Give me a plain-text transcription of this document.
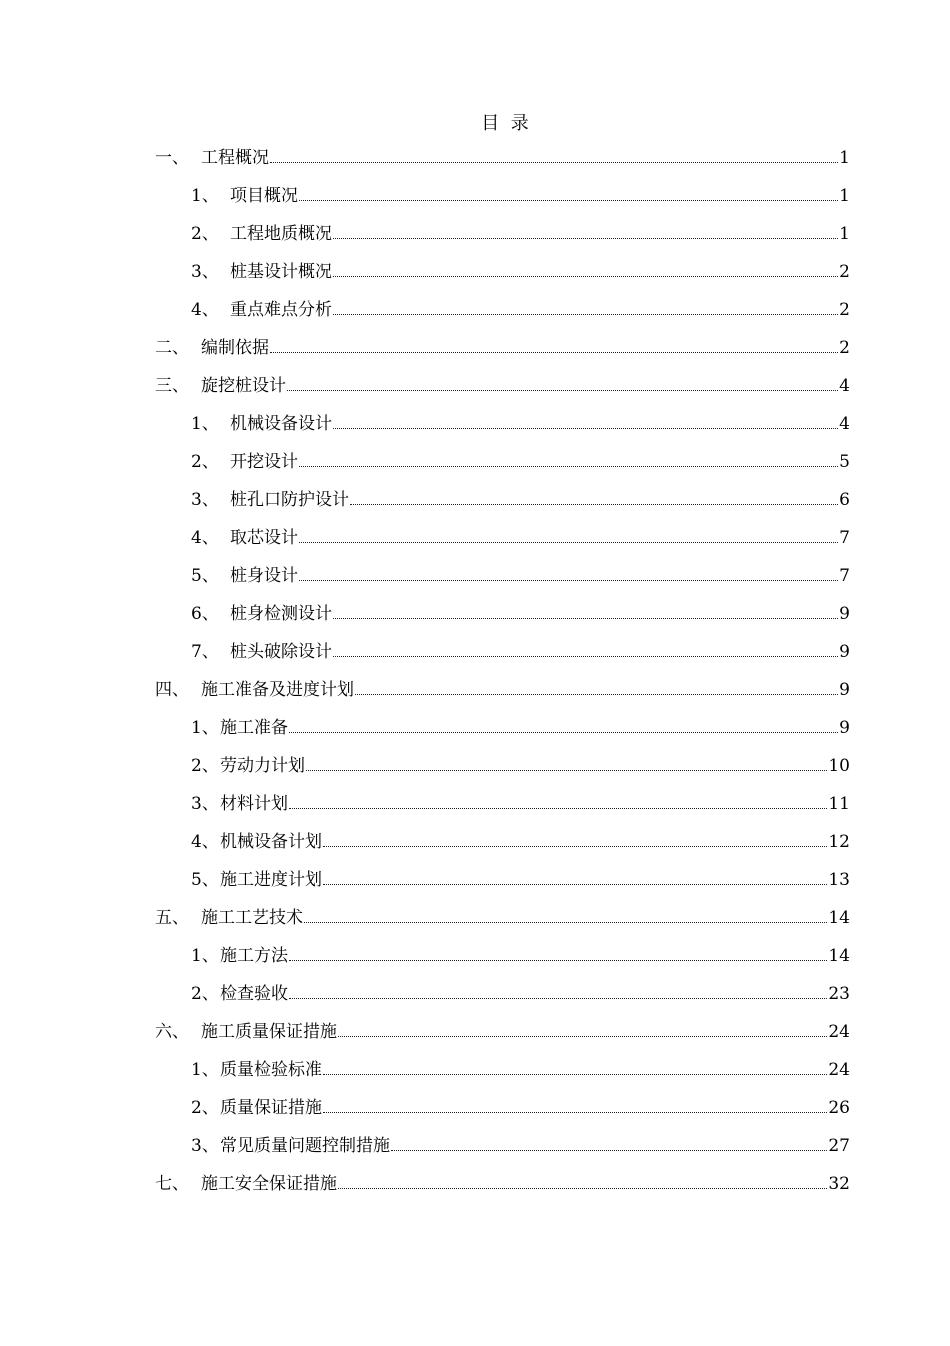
目  录
一、 工程概况	1
1、 项目概况	1
2、 工程地质概况	1
3、 桩基设计概况	2
4、 重点难点分析	2
二、 编制依据	2
三、 旋挖桩设计	4
1、 机械设备设计	4
2、 开挖设计	5
3、 桩孔口防护设计	6
4、 取芯设计	7
5、 桩身设计	7
6、 桩身检测设计	9
7、 桩头破除设计	9
四、 施工准备及进度计划	9
1、 施工准备	9
2、 劳动力计划	10
3、 材料计划	11
4、 机械设备计划	12
5、 施工进度计划	13
五、 施工工艺技术	14
1、 施工方法	14
2、 检查验收	23
六、 施工质量保证措施	24
1、 质量检验标准	24
2、 质量保证措施	26
3、 常见质量问题控制措施	27
七、 施工安全保证措施	32
